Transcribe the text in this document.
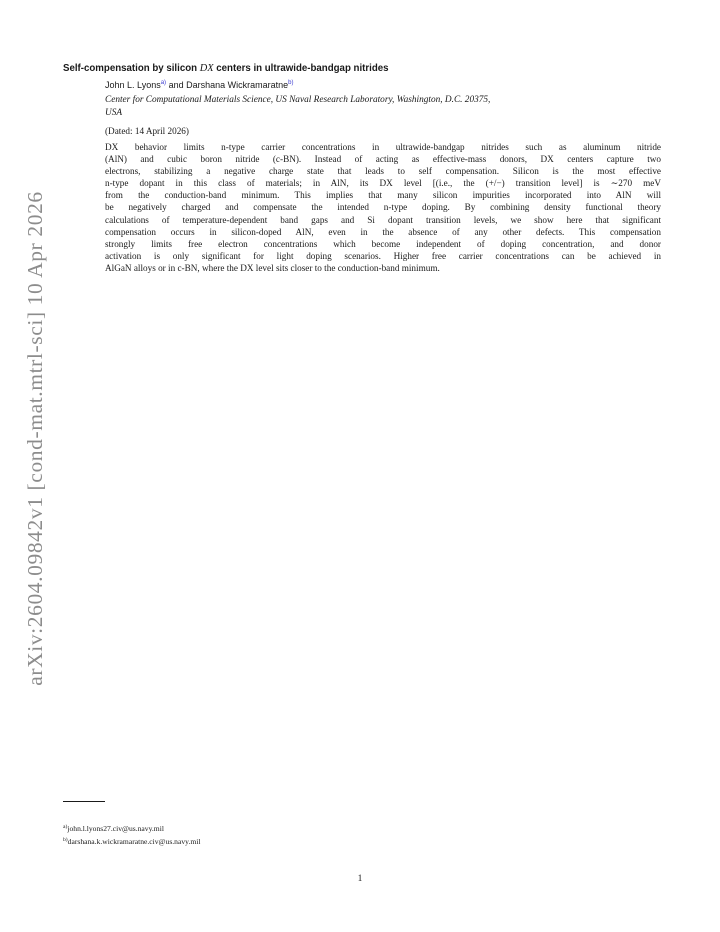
arXiv:2604.09842v1 [cond-mat.mtrl-sci] 10 Apr 2026
Self-compensation by silicon DX centers in ultrawide-bandgap nitrides
John L. Lyons$^{a)}$ and Darshana Wickramaratne$^{b)}$
Center for Computational Materials Science, US Naval Research Laboratory, Washington, D.C. 20375,
USA
(Dated: 14 April 2026)
DX behavior limits n-type carrier concentrations in ultrawide-bandgap nitrides such as aluminum nitride
(AlN) and cubic boron nitride (c-BN). Instead of acting as effective-mass donors, DX centers capture two
electrons, stabilizing a negative charge state that leads to self compensation. Silicon is the most effective
n-type dopant in this class of materials; in AlN, its DX level [(i.e., the (+/−) transition level] is ∼270 meV
from the conduction-band minimum. This implies that many silicon impurities incorporated into AlN will
be negatively charged and compensate the intended n-type doping. By combining density functional theory
calculations of temperature-dependent band gaps and Si dopant transition levels, we show here that significant
compensation occurs in silicon-doped AlN, even in the absence of any other defects. This compensation
strongly limits free electron concentrations which become independent of doping concentration, and donor
activation is only significant for light doping scenarios. Higher free carrier concentrations can be achieved in
AlGaN alloys or in c-BN, where the DX level sits closer to the conduction-band minimum.
$^{a)}$john.l.lyons27.civ@us.navy.mil
$^{b)}$darshana.k.wickramaratne.civ@us.navy.mil
1
